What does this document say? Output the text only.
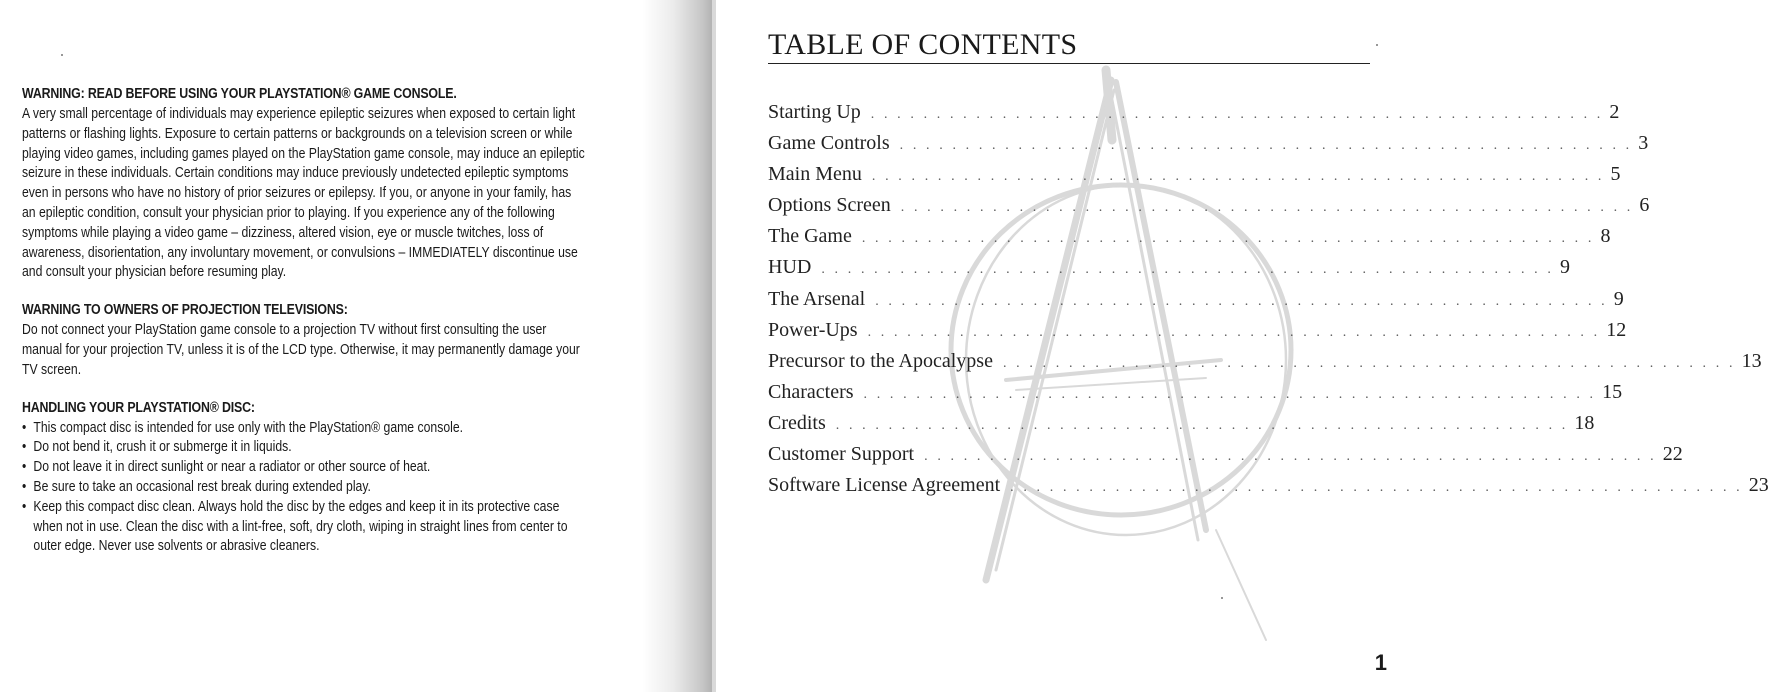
WARNING: READ BEFORE USING YOUR PLAYSTATION® GAME CONSOLE.

A very small percentage of individuals may experience epileptic seizures when exposed to certain light

patterns or flashing lights. Exposure to certain patterns or backgrounds on a television screen or while

playing video games, including games played on the PlayStation game console, may induce an epileptic

seizure in these individuals. Certain conditions may induce previously undetected epileptic symptoms

even in persons who have no history of prior seizures or epilepsy. If you, or anyone in your family, has

an epileptic condition, consult your physician prior to playing. If you experience any of the following

symptoms while playing a video game – dizziness, altered vision, eye or muscle twitches, loss of

awareness, disorientation, any involuntary movement, or convulsions – IMMEDIATELY discontinue use

and consult your physician before resuming play.

WARNING TO OWNERS OF PROJECTION TELEVISIONS:

Do not connect your PlayStation game console to a projection TV without first consulting the user

manual for your projection TV, unless it is of the LCD type. Otherwise, it may permanently damage your

TV screen.

HANDLING YOUR PLAYSTATION® DISC:

• This compact disc is intended for use only with the PlayStation® game console.
• Do not bend it, crush it or submerge it in liquids.
• Do not leave it in direct sunlight or near a radiator or other source of heat.
• Be sure to take an occasional rest break during extended play.
• Keep this compact disc clean. Always hold the disc by the edges and keep it in its protective case
when not in use. Clean the disc with a lint-free, soft, dry cloth, wiping in straight lines from center to
outer edge. Never use solvents or abrasive cleaners.
TABLE OF CONTENTS
Starting Up . . . . . . . . . . . . . . . . . . . . . . . . . . . . . . . . . . . . . . . . . . . . . . . . . . . . . . . . 2
Game Controls . . . . . . . . . . . . . . . . . . . . . . . . . . . . . . . . . . . . . . . . . . . . . . . . . . . . . . . . 3
Main Menu . . . . . . . . . . . . . . . . . . . . . . . . . . . . . . . . . . . . . . . . . . . . . . . . . . . . . . . . 5
Options Screen . . . . . . . . . . . . . . . . . . . . . . . . . . . . . . . . . . . . . . . . . . . . . . . . . . . . . . . . 6
The Game . . . . . . . . . . . . . . . . . . . . . . . . . . . . . . . . . . . . . . . . . . . . . . . . . . . . . . . . 8
HUD . . . . . . . . . . . . . . . . . . . . . . . . . . . . . . . . . . . . . . . . . . . . . . . . . . . . . . . . 9
The Arsenal . . . . . . . . . . . . . . . . . . . . . . . . . . . . . . . . . . . . . . . . . . . . . . . . . . . . . . . . 9
Power-Ups . . . . . . . . . . . . . . . . . . . . . . . . . . . . . . . . . . . . . . . . . . . . . . . . . . . . . . . . 12
Precursor to the Apocalypse . . . . . . . . . . . . . . . . . . . . . . . . . . . . . . . . . . . . . . . . . . . . . . . . . . . . . . . . 13
Characters . . . . . . . . . . . . . . . . . . . . . . . . . . . . . . . . . . . . . . . . . . . . . . . . . . . . . . . . 15
Credits . . . . . . . . . . . . . . . . . . . . . . . . . . . . . . . . . . . . . . . . . . . . . . . . . . . . . . . . 18
Customer Support . . . . . . . . . . . . . . . . . . . . . . . . . . . . . . . . . . . . . . . . . . . . . . . . . . . . . . . . 22
Software License Agreement . . . . . . . . . . . . . . . . . . . . . . . . . . . . . . . . . . . . . . . . . . . . . . . . . . . . . . . . 23
1
